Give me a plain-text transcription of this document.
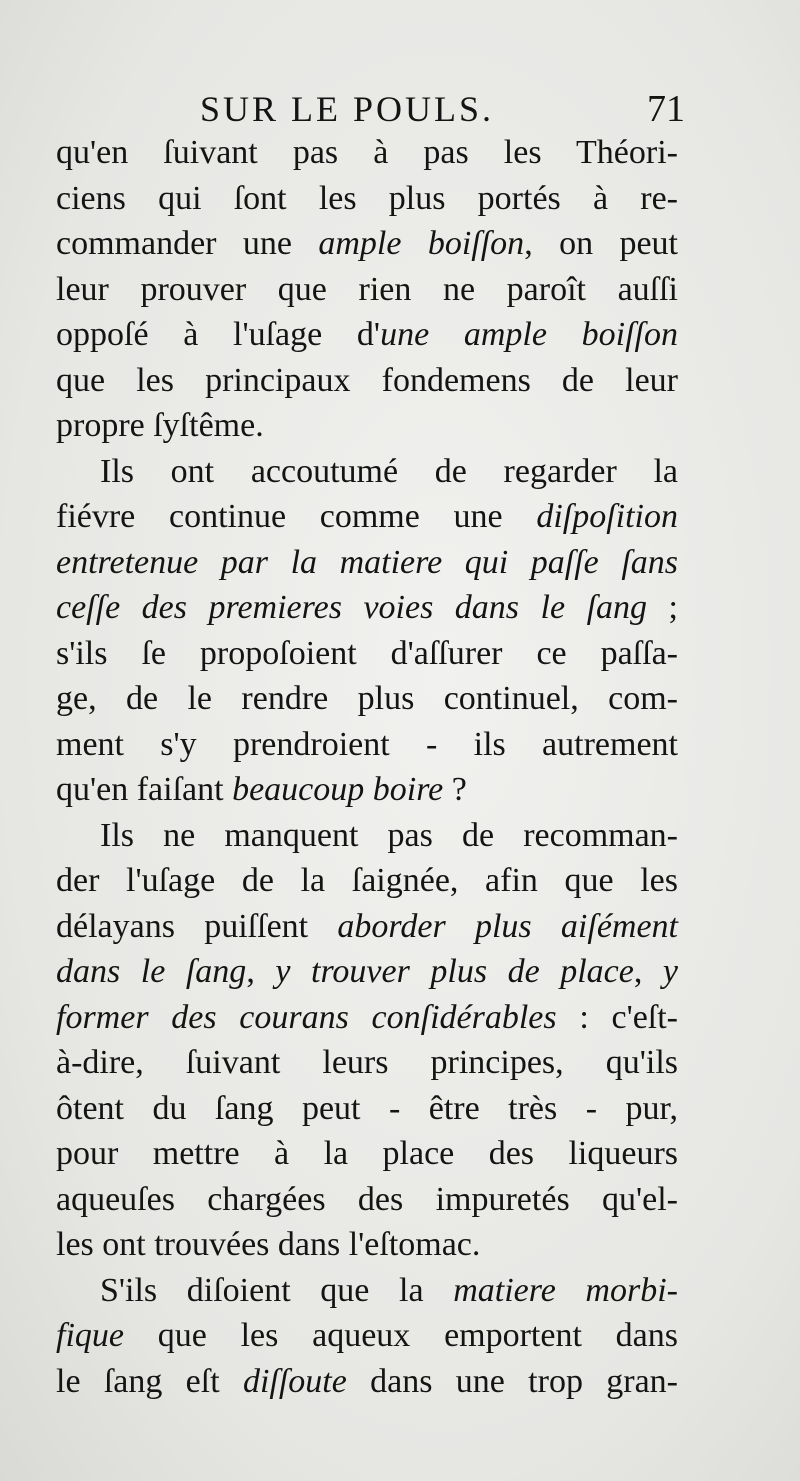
SUR LE POULS.	71
qu'en ſuivant pas à pas les Théori-
ciens qui ſont les plus portés à re-
commander une ample boiſſon, on peut
leur prouver que rien ne paroît auſſi
oppoſé à l'uſage d'une ample boiſſon
que les principaux fondemens de leur
propre ſyſtême.
Ils ont accoutumé de regarder la
fiévre continue comme une diſpoſition
entretenue par la matiere qui paſſe ſans
ceſſe des premieres voies dans le ſang ;
s'ils ſe propoſoient d'aſſurer ce paſſa-
ge, de le rendre plus continuel, com-
ment s'y prendroient - ils autrement
qu'en faiſant beaucoup boire ?
Ils ne manquent pas de recomman-
der l'uſage de la ſaignée, afin que les
délayans puiſſent aborder plus aiſément
dans le ſang, y trouver plus de place, y
former des courans conſidérables : c'eſt-
à-dire, ſuivant leurs principes, qu'ils
ôtent du ſang peut - être très - pur,
pour mettre à la place des liqueurs
aqueuſes chargées des impuretés qu'el-
les ont trouvées dans l'eſtomac.
S'ils diſoient que la matiere morbi-
fique que les aqueux emportent dans
le ſang eſt diſſoute dans une trop gran-
